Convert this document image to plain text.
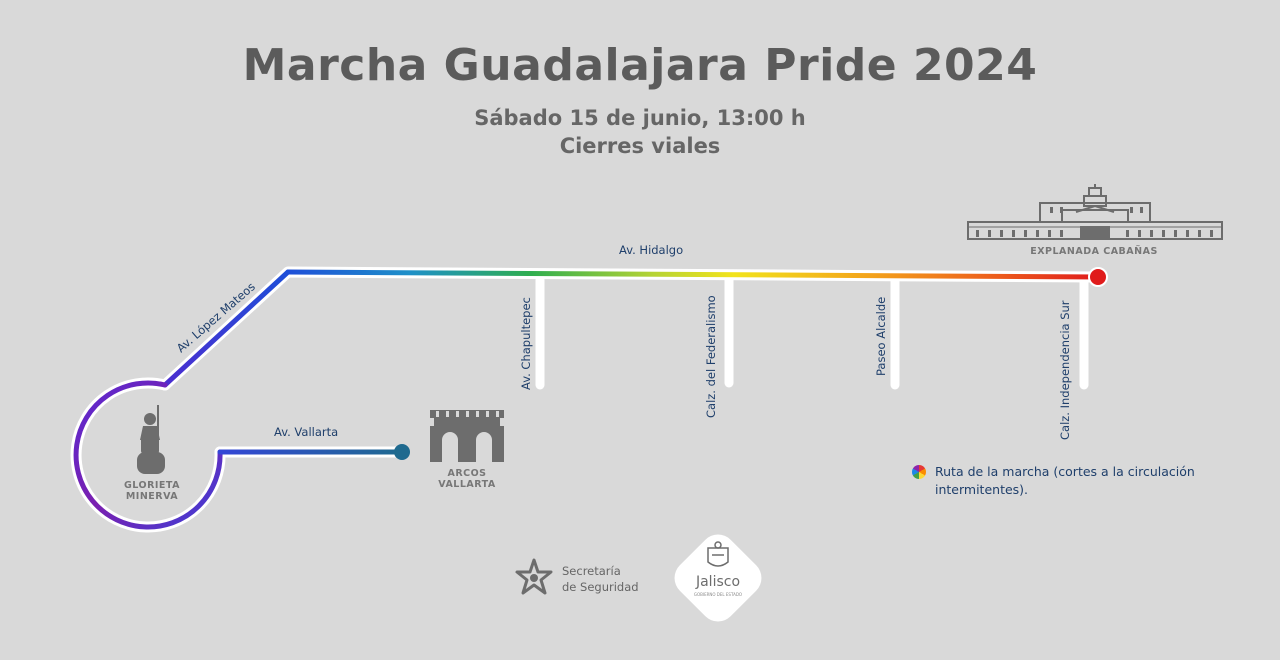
Marcha Guadalajara Pride 2024
Sábado 15 de junio, 13:00 h
Cierres viales
Av. Hidalgo
Av. López Mateos
Av. Vallarta
Av. Chapultepec	Calz. del Federalismo	Paseo Alcalde	Calz. Independencia Sur
GLORIETA
MINERVA
ARCOS
VALLARTA
EXPLANADA CABAÑAS
Ruta de la marcha (cortes a la circulación intermitentes).
Secretaría
de Seguridad	Jalisco
GOBIERNO DEL ESTADO
